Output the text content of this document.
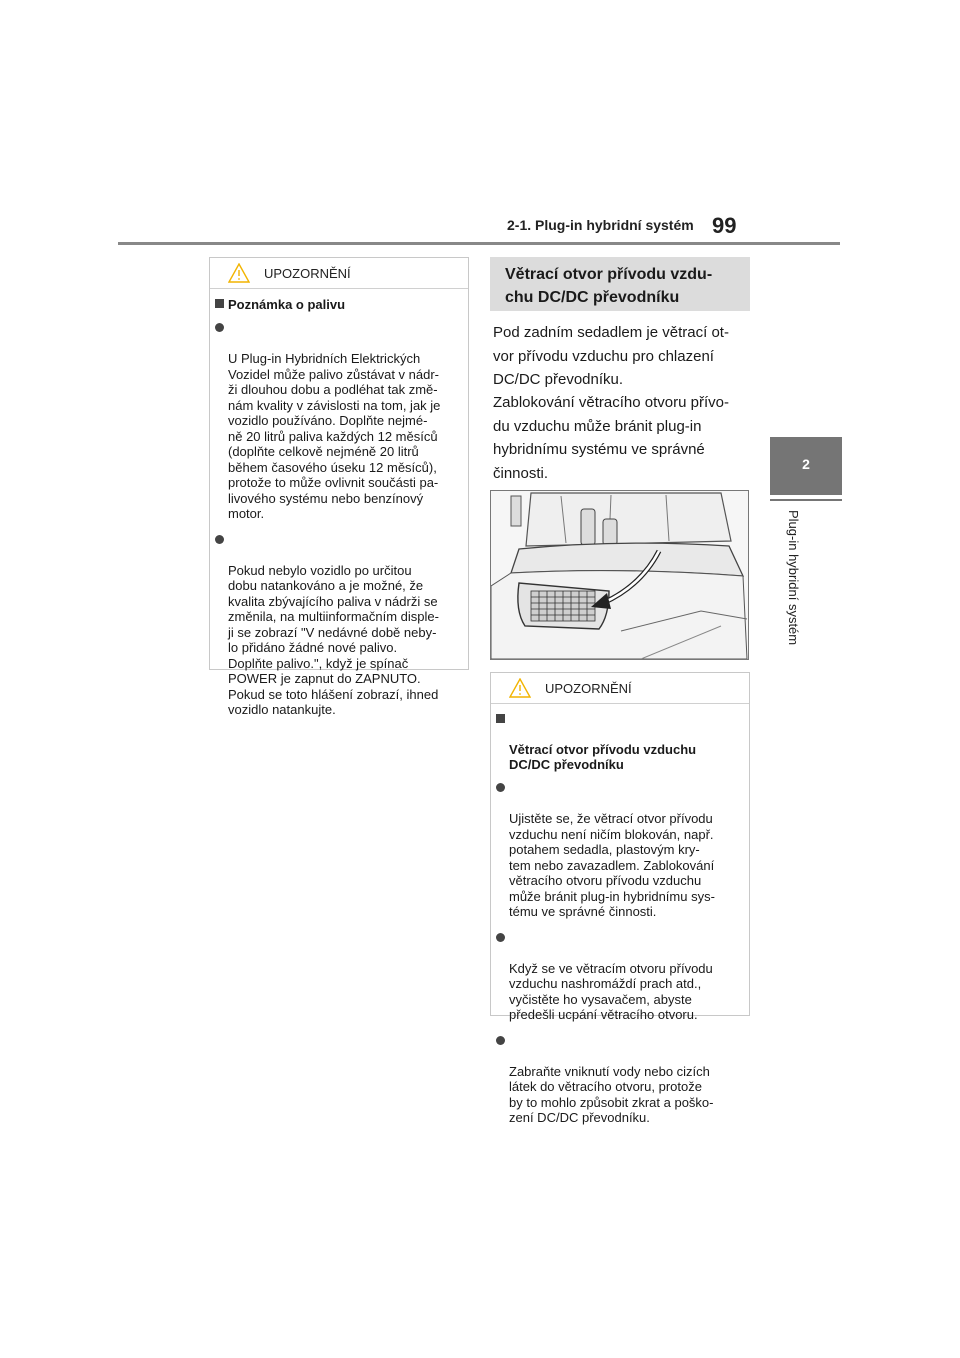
2-1. Plug-in hybridní systém 99
2
Plug-in hybridní systém
UPOZORNĚNÍ
Poznámka o palivu

U Plug-in Hybridních Elektrických
Vozidel může palivo zůstávat v nádr-
ži dlouhou dobu a podléhat tak změ-
nám kvality v závislosti na tom, jak je
vozidlo používáno. Doplňte nejmé-
ně 20 litrů paliva každých 12 měsíců
(doplňte celkově nejméně 20 litrů
během časového úseku 12 měsíců),
protože to může ovlivnit součásti pa-
livového systému nebo benzínový
motor.

Pokud nebylo vozidlo po určitou
dobu natankováno a je možné, že
kvalita zbývajícího paliva v nádrži se
změnila, na multiinformačním disple-
ji se zobrazí "V nedávné době neby-
lo přidáno žádné nové palivo.
Doplňte palivo.", když je spínač
POWER je zapnut do ZAPNUTO.
Pokud se toto hlášení zobrazí, ihned
vozidlo natankujte.

Větrací otvor přívodu vzdu-
chu DC/DC převodníku
Pod zadním sedadlem je větrací ot-
vor přívodu vzduchu pro chlazení
DC/DC převodníku.
Zablokování větracího otvoru přívo-
du vzduchu může bránit plug-in
hybridnímu systému ve správné
činnosti.
UPOZORNĚNÍ

Větrací otvor přívodu vzduchu
DC/DC převodníku

Ujistěte se, že větrací otvor přívodu
vzduchu není ničím blokován, např.
potahem sedadla, plastovým kry-
tem nebo zavazadlem. Zablokování
větracího otvoru přívodu vzduchu
může bránit plug-in hybridnímu sys-
tému ve správné činnosti.

Když se ve větracím otvoru přívodu
vzduchu nashromáždí prach atd.,
vyčistěte ho vysavačem, abyste
předešli ucpání větracího otvoru.

Zabraňte vniknutí vody nebo cizích
látek do větracího otvoru, protože
by to mohlo způsobit zkrat a poško-
zení DC/DC převodníku.
